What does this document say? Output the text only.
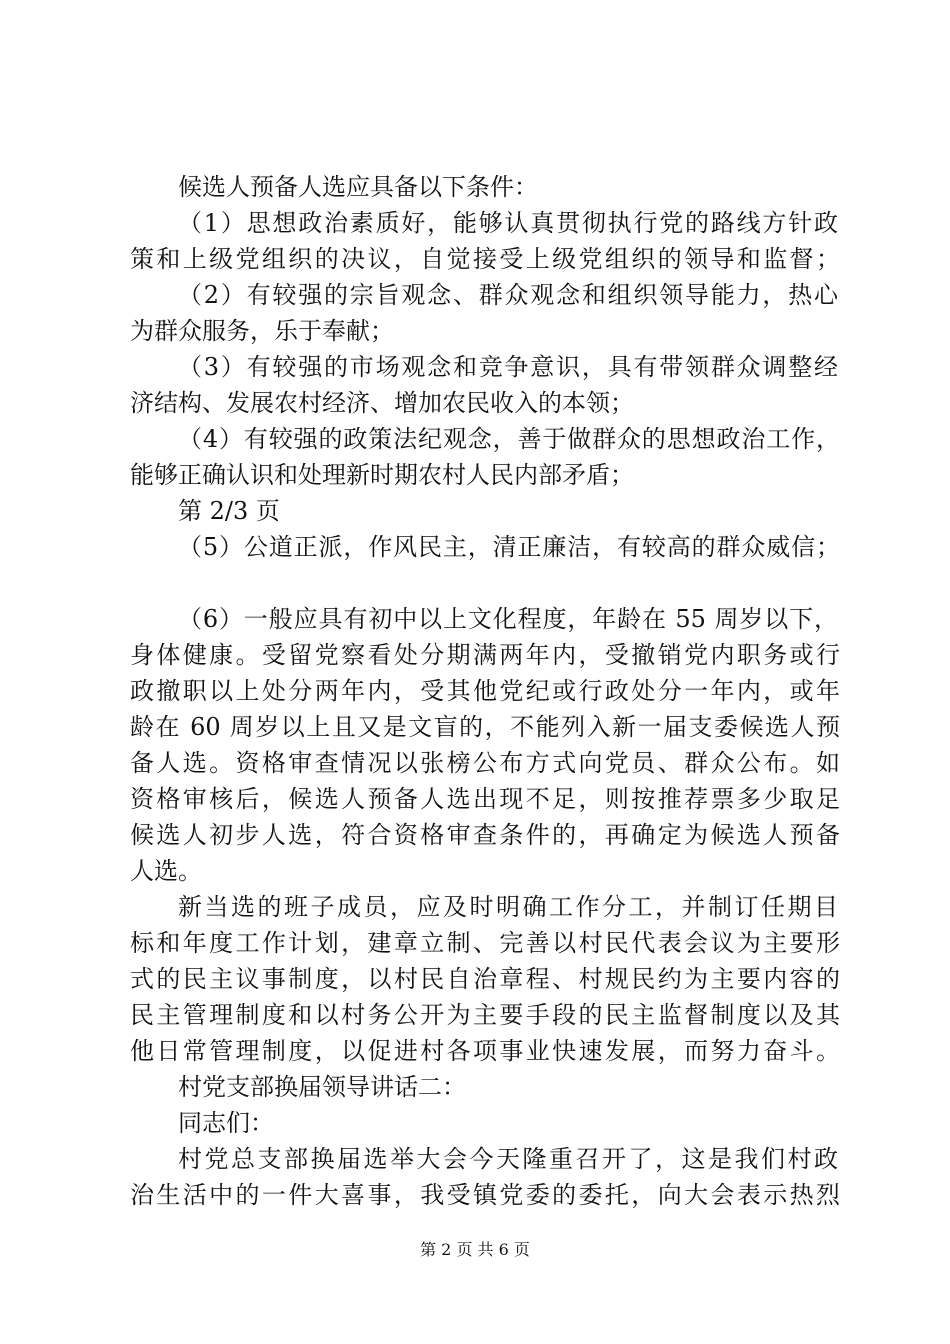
候选人预备人选应具备以下条件：
（1）思想政治素质好，能够认真贯彻执行党的路线方针政
策和上级党组织的决议，自觉接受上级党组织的领导和监督；
（2）有较强的宗旨观念、群众观念和组织领导能力，热心
为群众服务，乐于奉献；
（3）有较强的市场观念和竞争意识，具有带领群众调整经
济结构、发展农村经济、增加农民收入的本领；
（4）有较强的政策法纪观念，善于做群众的思想政治工作，
能够正确认识和处理新时期农村人民内部矛盾；
第 2/3 页
（5）公道正派，作风民主，清正廉洁，有较高的群众威信；
（6）一般应具有初中以上文化程度，年龄在 55 周岁以下，
身体健康。受留党察看处分期满两年内，受撤销党内职务或行
政撤职以上处分两年内，受其他党纪或行政处分一年内，或年
龄在 60 周岁以上且又是文盲的，不能列入新一届支委候选人预
备人选。资格审查情况以张榜公布方式向党员、群众公布。如
资格审核后，候选人预备人选出现不足，则按推荐票多少取足
候选人初步人选，符合资格审查条件的，再确定为候选人预备
人选。
新当选的班子成员，应及时明确工作分工，并制订任期目
标和年度工作计划，建章立制、完善以村民代表会议为主要形
式的民主议事制度，以村民自治章程、村规民约为主要内容的
民主管理制度和以村务公开为主要手段的民主监督制度以及其
他日常管理制度，以促进村各项事业快速发展，而努力奋斗。
村党支部换届领导讲话二：
同志们：
村党总支部换届选举大会今天隆重召开了，这是我们村政
治生活中的一件大喜事，我受镇党委的委托，向大会表示热烈
第 2 页 共 6 页
